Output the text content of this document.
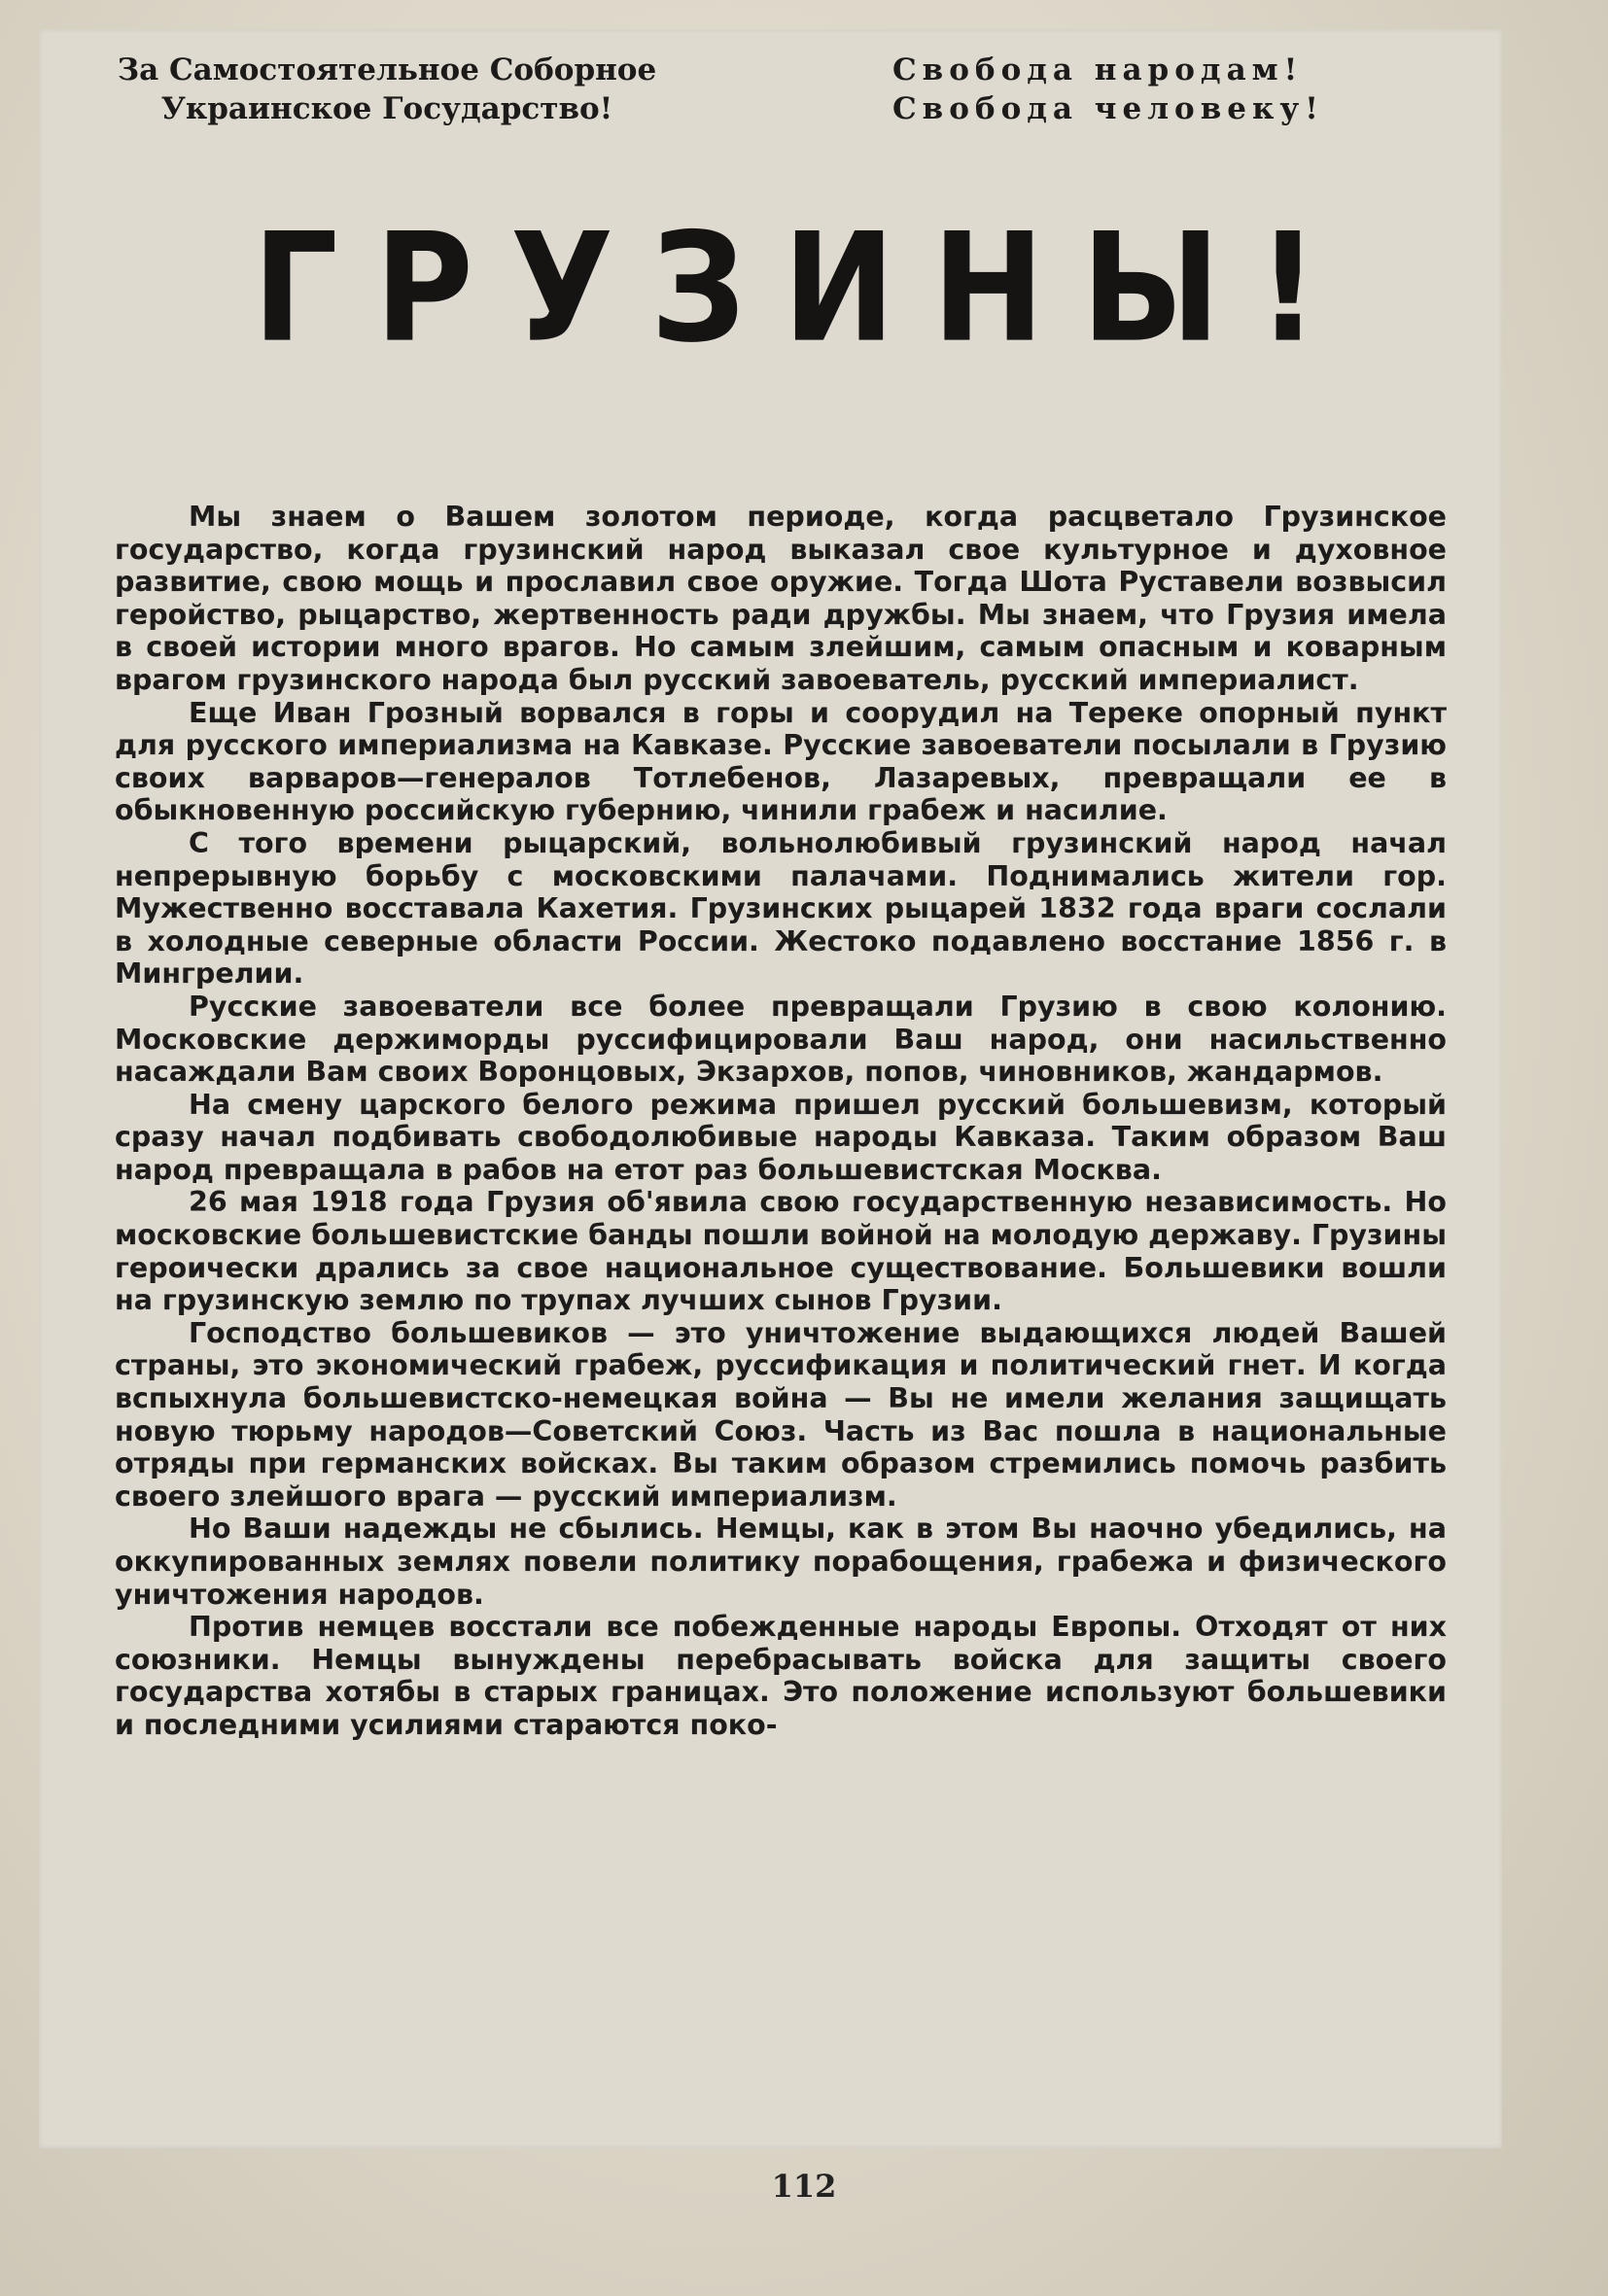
За Самостоятельное Соборное
Украинское Государство!
Свобода народам!
Свобода человеку!
ГРУЗИНЫ!

Мы знаем о Вашем золотом периоде, когда расцветало Грузинское государство, когда грузинский народ выказал свое культурное и духовное развитие, свою мощь и прославил свое оружие. Тогда Шота Руставели возвысил геройство, рыцарство, жертвенность ради дружбы. Мы знаем, что Грузия имела в своей истории много врагов. Но самым злейшим, самым опасным и коварным врагом грузинского народа был русский завоеватель, русский империалист.

Еще Иван Грозный ворвался в горы и соорудил на Тереке опорный пункт для русского империализма на Кавказе. Русские завоеватели посылали в Грузию своих варваров—генералов Тотлебенов, Лазаревых, превращали ее в обыкновенную российскую губернию, чинили грабеж и насилие.

С того времени рыцарский, вольнолюбивый грузинский народ начал непрерывную борьбу с московскими палачами. Поднимались жители гор. Мужественно восставала Кахетия. Грузинских рыцарей 1832 года враги сослали в холодные северные области России. Жестоко подавлено восстание 1856 г. в Мингрелии.

Русские завоеватели все более превращали Грузию в свою колонию. Московские держиморды руссифицировали Ваш народ, они насильственно насаждали Вам своих Воронцовых, Экзархов, попов, чиновников, жандармов.

На смену царского белого режима пришел русский большевизм, который сразу начал подбивать свободолюбивые народы Кавказа. Таким образом Ваш народ превращала в рабов на етот раз большевистская Москва.

26 мая 1918 года Грузия об'явила свою государственную независимость. Но московские большевистские банды пошли войной на молодую державу. Грузины героически дрались за свое национальное существование. Большевики вошли на грузинскую землю по трупах лучших сынов Грузии.

Господство большевиков — это уничтожение выдающихся людей Вашей страны, это экономический грабеж, руссификация и политический гнет. И когда вспыхнула большевистско-немецкая война — Вы не имели желания защищать новую тюрьму народов—Советский Союз. Часть из Вас пошла в национальные отряды при германских войсках. Вы таким образом стремились помочь разбить своего злейшого врага — русский империализм.

Но Ваши надежды не сбылись. Немцы, как в этом Вы наочно убедились, на оккупированных землях повели политику порабощения, грабежа и физического уничтожения народов.

Против немцев восстали все побежденные народы Европы. Отходят от них союзники. Немцы вынуждены перебрасывать войска для защиты своего государства хотябы в старых границах. Это положение используют большевики и последними усилиями стараются поко-

112
